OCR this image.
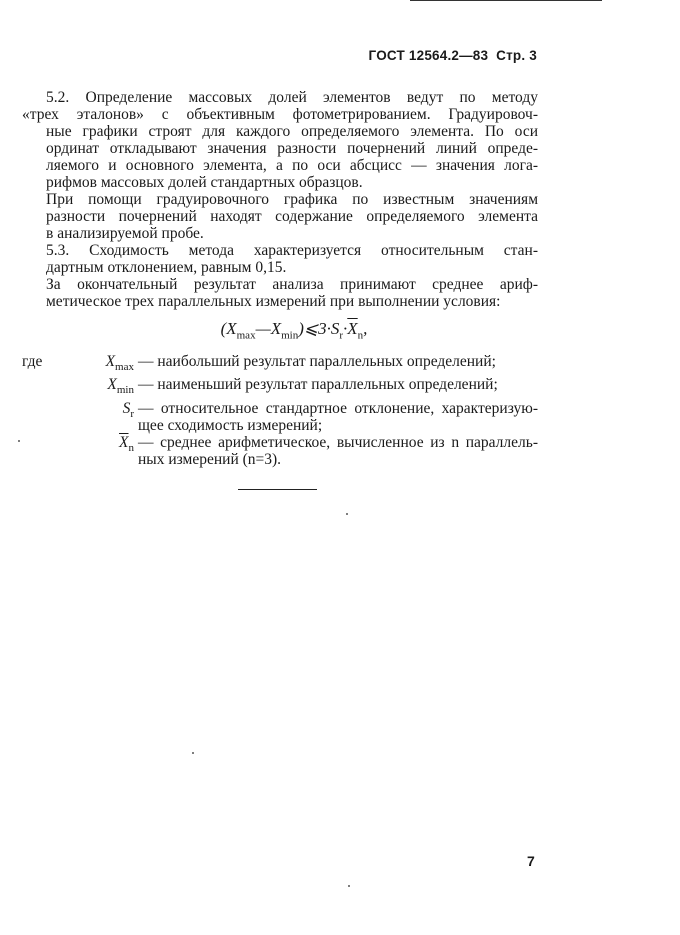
ГОСТ 12564.2—83 Стр. 3

5.2. Определение массовых долей элементов ведут по методу
«трех эталонов» с объективным фотометрированием. Градуировоч-
ные графики строят для каждого определяемого элемента. По оси
ординат откладывают значения разности почернений линий опреде-
ляемого и основного элемента, а по оси абсцисс — значения лога-
рифмов массовых долей стандартных образцов.

При помощи градуировочного графика по известным значениям
разности почернений находят содержание определяемого элемента
в анализируемой пробе.

5.3. Сходимость метода характеризуется относительным стан-
дартным отклонением, равным 0,15.

За окончательный результат анализа принимают среднее ариф-
метическое трех параллельных измерений при выполнении условия:

$(X_{max}—X_{min})⩽3\cdot S_r\cdot\overline{X}_n$,
где	$X_{max}$ — наибольший результат параллельных определений;
$X_{min}$ — наименьший результат параллельных определений;
$S_r$ — относительное стандартное отклонение, характеризую-
щее сходимость измерений;
$\overline{X}_n$ — среднее арифметическое, вычисленное из n параллель-
ных измерений (n=3).
7
